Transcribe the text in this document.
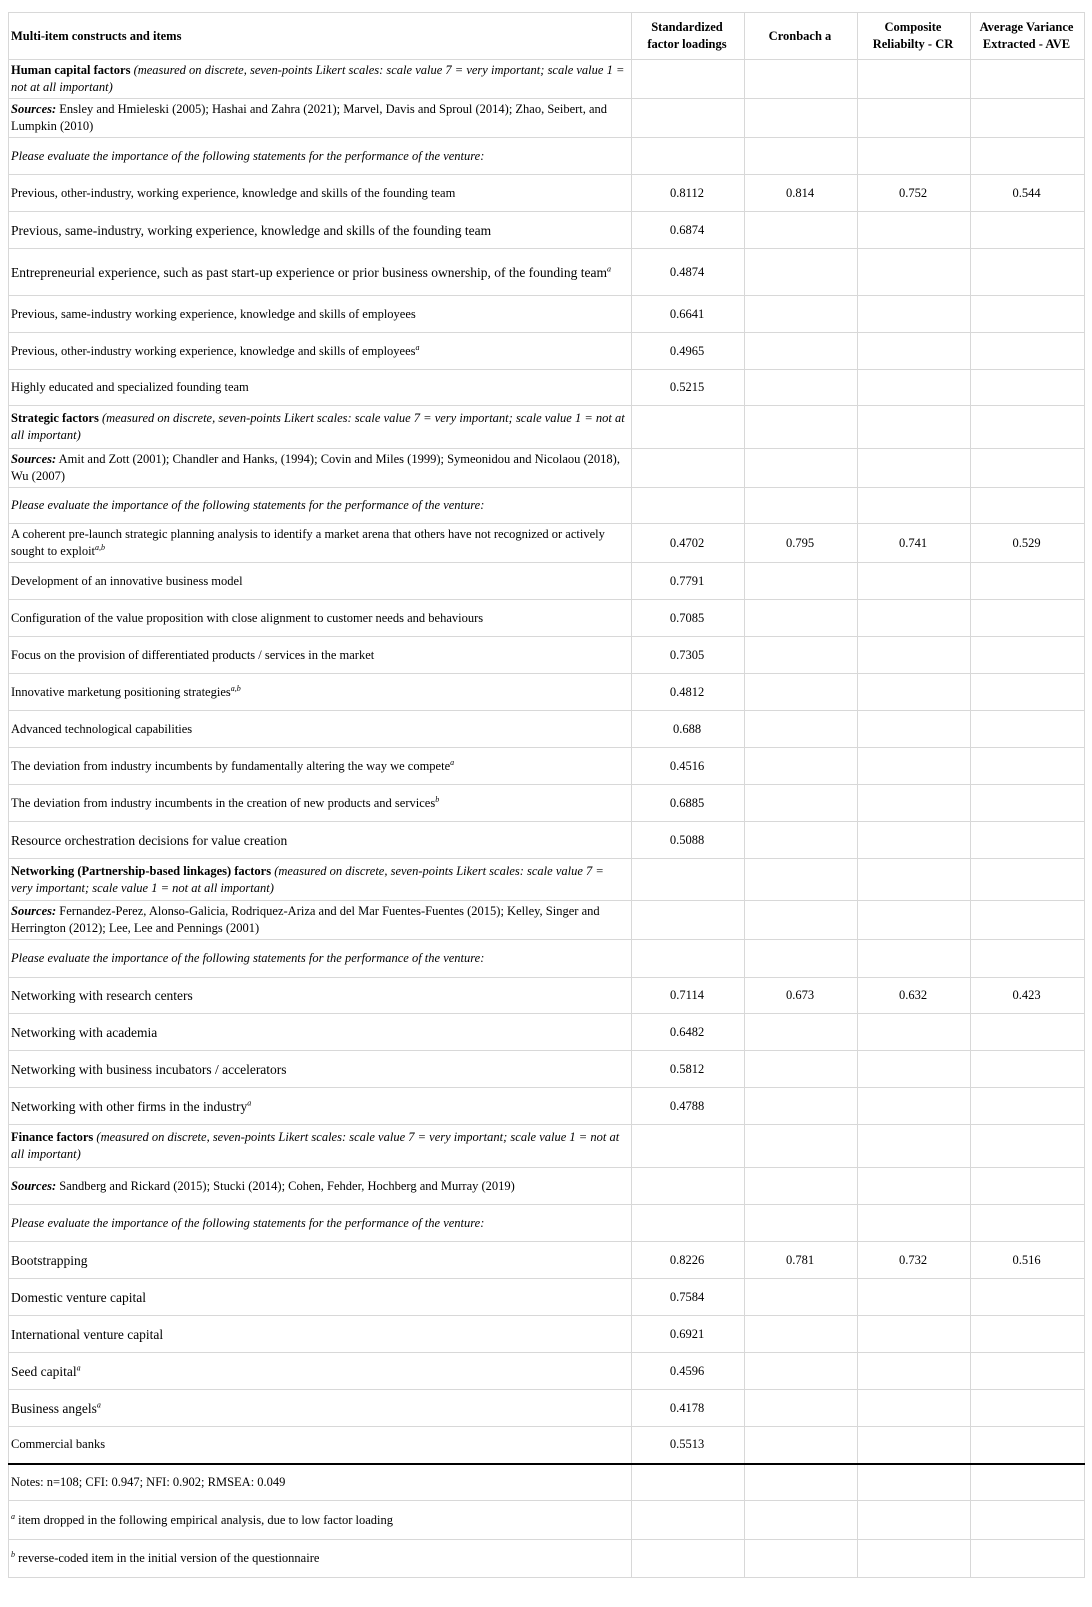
Multi-item constructs and items	Standardized factor loadings	Cronbach a	Composite Reliabilty - CR	Average Variance Extracted - AVE
Human capital factors (measured on discrete, seven-points Likert scales: scale value 7 = very important; scale value 1 = not at all important)				
Sources: Ensley and Hmieleski (2005); Hashai and Zahra (2021); Marvel, Davis and Sproul (2014); Zhao, Seibert, and Lumpkin (2010)				
Please evaluate the importance of the following statements for the performance of the venture:				
Previous, other-industry, working experience, knowledge and skills of the founding team	0.8112	0.814	0.752	0.544
Previous, same-industry, working experience, knowledge and skills of the founding team	0.6874			
Entrepreneurial experience, such as past start-up experience or prior business ownership, of the founding team$^a$	0.4874			
Previous, same-industry working experience, knowledge and skills of employees	0.6641			
Previous, other-industry working experience, knowledge and skills of employees$^a$	0.4965			
Highly educated and specialized founding team	0.5215			
Strategic factors (measured on discrete, seven-points Likert scales: scale value 7 = very important; scale value 1 = not at all important)				
Sources: Amit and Zott (2001); Chandler and Hanks, (1994); Covin and Miles (1999); Symeonidou and Nicolaou (2018), Wu (2007)				
Please evaluate the importance of the following statements for the performance of the venture:				
A coherent pre-launch strategic planning analysis to identify a market arena that others have not recognized or actively sought to exploit$^{a,b}$	0.4702	0.795	0.741	0.529
Development of an innovative business model	0.7791			
Configuration of the value proposition with close alignment to customer needs and behaviours	0.7085			
Focus on the provision of differentiated products / services in the market	0.7305			
Innovative marketung positioning strategies$^{a,b}$	0.4812			
Advanced technological capabilities	0.688			
The deviation from industry incumbents by fundamentally altering the way we compete$^a$	0.4516			
The deviation from industry incumbents in the creation of new products and services$^b$	0.6885			
Resource orchestration decisions for value creation	0.5088			
Networking (Partnership-based linkages) factors (measured on discrete, seven-points Likert scales: scale value 7 = very important; scale value 1 = not at all important)				
Sources: Fernandez-Perez, Alonso-Galicia, Rodriquez-Ariza and del Mar Fuentes-Fuentes (2015); Kelley, Singer and Herrington (2012); Lee, Lee and Pennings (2001)				
Please evaluate the importance of the following statements for the performance of the venture:				
Networking with research centers	0.7114	0.673	0.632	0.423
Networking with academia	0.6482			
Networking with business incubators / accelerators	0.5812			
Networking with other firms in the industry$^a$	0.4788			
Finance factors (measured on discrete, seven-points Likert scales: scale value 7 = very important; scale value 1 = not at all important)				
Sources: Sandberg and Rickard (2015); Stucki (2014); Cohen, Fehder, Hochberg and Murray (2019)				
Please evaluate the importance of the following statements for the performance of the venture:				
Bootstrapping	0.8226	0.781	0.732	0.516
Domestic venture capital	0.7584			
International venture capital	0.6921			
Seed capital$^a$	0.4596			
Business angels$^a$	0.4178			
Commercial banks	0.5513			
Notes: n=108; CFI: 0.947; NFI: 0.902; RMSEA: 0.049				
$^a$ item dropped in the following empirical analysis, due to low factor loading				
$^b$ reverse-coded item in the initial version of the questionnaire				
